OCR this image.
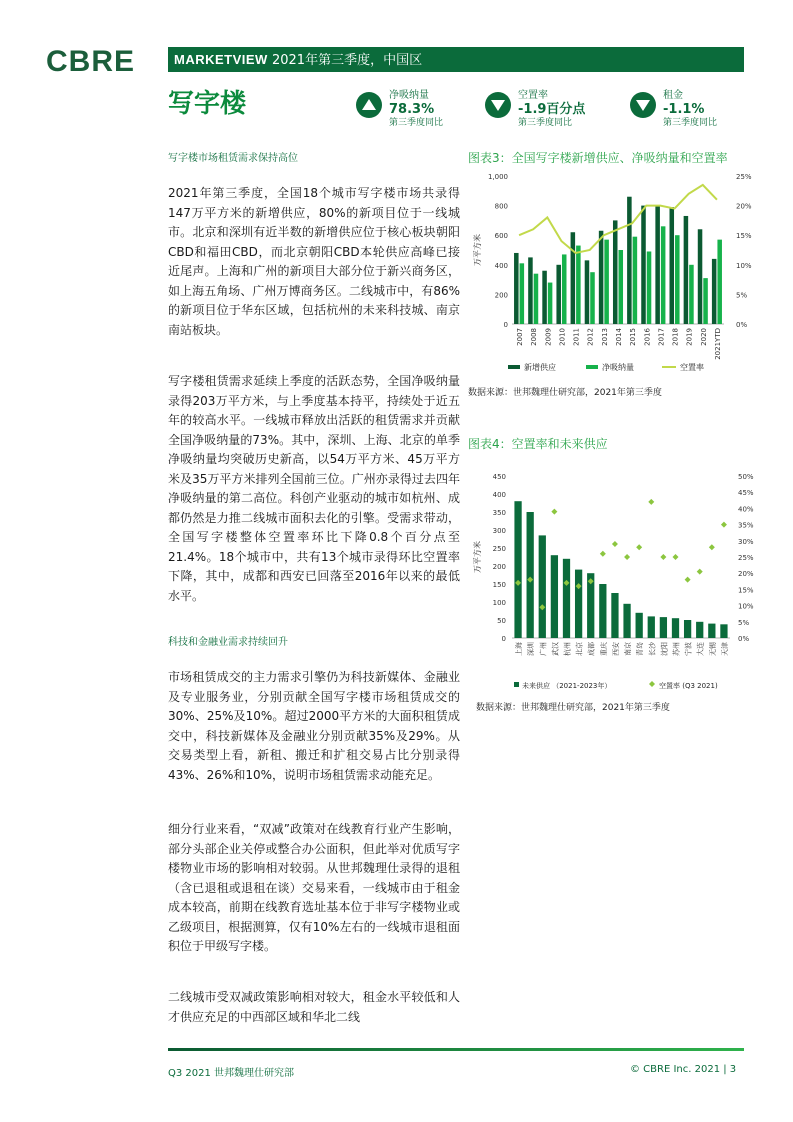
CBRE	MARKETVIEW 2021年第三季度，中国区
写字楼	净吸纳量
78.3%
第三季度同比
空置率
-1.9百分点
第三季度同比
租金
-1.1%
第三季度同比
写字楼市场租赁需求保持高位
2021年第三季度，全国18个城市写字楼市场共录得147万平方米的新增供应，80%的新项目位于一线城市。北京和深圳有近半数的新增供应位于核心板块朝阳CBD和福田CBD，而北京朝阳CBD本轮供应高峰已接近尾声。上海和广州的新项目大部分位于新兴商务区，如上海五角场、广州万博商务区。二线城市中，有86%的新项目位于华东区域，包括杭州的未来科技城、南京南站板块。
写字楼租赁需求延续上季度的活跃态势，全国净吸纳量录得203万平方米，与上季度基本持平，持续处于近五年的较高水平。一线城市释放出活跃的租赁需求并贡献全国净吸纳量的73%。其中，深圳、上海、北京的单季净吸纳量均突破历史新高，以54万平方米、45万平方米及35万平方米排列全国前三位。广州亦录得过去四年净吸纳量的第二高位。科创产业驱动的城市如杭州、成都仍然是力推二线城市面积去化的引擎。受需求带动，全国写字楼整体空置率环比下降0.8个百分点至21.4%。18个城市中，共有13个城市录得环比空置率下降，其中，成都和西安已回落至2016年以来的最低水平。
科技和金融业需求持续回升
市场租赁成交的主力需求引擎仍为科技新媒体、金融业及专业服务业，分别贡献全国写字楼市场租赁成交的30%、25%及10%。超过2000平方米的大面积租赁成交中，科技新媒体及金融业分别贡献35%及29%。从交易类型上看，新租、搬迁和扩租交易占比分别录得43%、26%和10%，说明市场租赁需求动能充足。
细分行业来看，“双减”政策对在线教育行业产生影响，部分头部企业关停或整合办公面积，但此举对优质写字楼物业市场的影响相对较弱。从世邦魏理仕录得的退租（含已退租或退租在谈）交易来看，一线城市由于租金成本较高，前期在线教育选址基本位于非写字楼物业或乙级项目，根据测算，仅有10%左右的一线城市退租面积位于甲级写字楼。
二线城市受双减政策影响相对较大，租金水平较低和人才供应充足的中西部区域和华北二线
图表3：全国写字楼新增供应、净吸纳量和空置率
0
200
400
600
800
1,000
0%
5%
10%
15%
20%
25%
万平方米
2007 2008 2009 2010 2011 2012 2013 2014 2015 2016 2017 2018 2019 2020 2021YTD
新增供应	净吸纳量	空置率
数据来源：世邦魏理仕研究部，2021年第三季度
图表4：空置率和未来供应
0
50
100
150
200
250
300
350
400
450
0%
5%
10%
15%
20%
25%
30%
35%
40%
45%
50%
万平方米
上海 深圳 广州 武汉 杭州 北京 成都 重庆 西安 南京 青岛 长沙 沈阳 苏州 宁波 大连 无锡 天津
未来供应 （2021-2023年）	空置率 (Q3 2021)
数据来源：世邦魏理仕研究部，2021年第三季度
Q3 2021 世邦魏理仕研究部	© CBRE Inc. 2021 | 3
